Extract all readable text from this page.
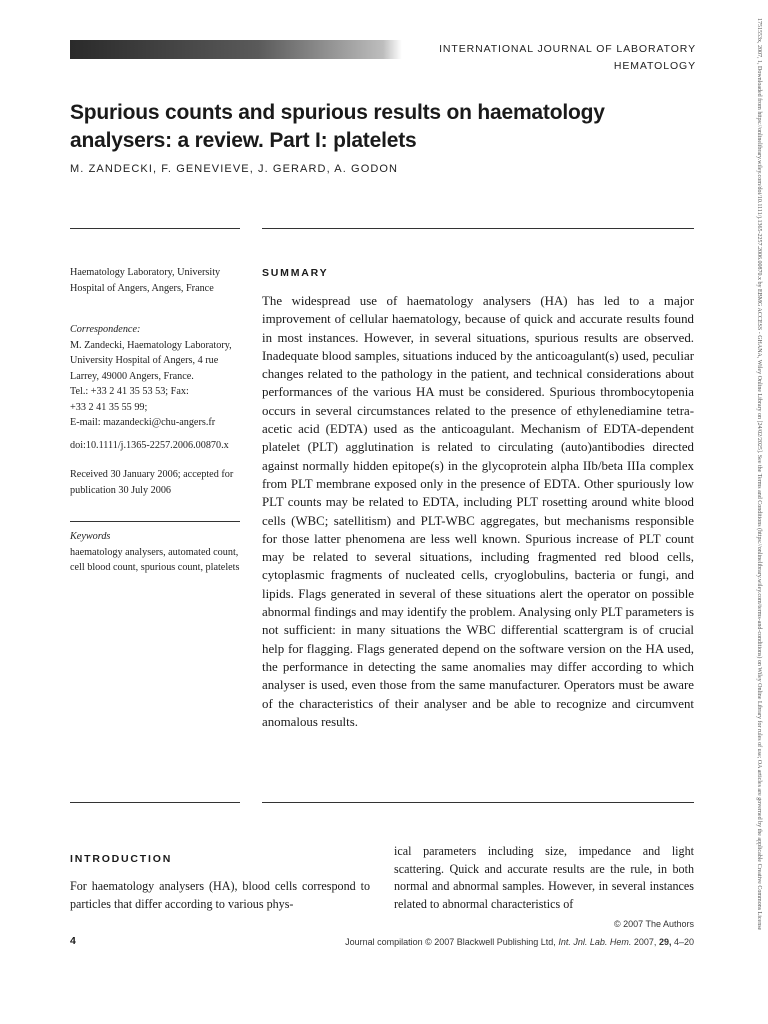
INTERNATIONAL JOURNAL OF LABORATORY HEMATOLOGY
Spurious counts and spurious results on haematology analysers: a review. Part I: platelets
M. ZANDECKI, F. GENEVIEVE, J. GERARD, A. GODON
Haematology Laboratory, University Hospital of Angers, Angers, France
Correspondence:
M. Zandecki, Haematology Laboratory, University Hospital of Angers, 4 rue Larrey, 49000 Angers, France.
Tel.: +33 2 41 35 53 53; Fax:
+33 2 41 35 55 99;
E-mail: mazandecki@chu-angers.fr
doi:10.1111/j.1365-2257.2006.00870.x
Received 30 January 2006; accepted for publication 30 July 2006
Keywords
haematology analysers, automated count, cell blood count, spurious count, platelets
SUMMARY

The widespread use of haematology analysers (HA) has led to a major improvement of cellular haematology, because of quick and accurate results found in most instances. However, in several situations, spurious results are observed. Inadequate blood samples, situations induced by the anticoagulant(s) used, peculiar changes related to the pathology in the patient, and technical considerations about performances of the various HA must be considered. Spurious thrombocytopenia occurs in several circumstances related to the presence of ethylenediamine tetra-acetic acid (EDTA) used as the anticoagulant. Mechanism of EDTA-dependent platelet (PLT) agglutination is related to circulating (auto)antibodies directed against normally hidden epitope(s) in the glycoprotein alpha IIb/beta IIIa complex from PLT membrane exposed only in the presence of EDTA. Other spuriously low PLT counts may be related to EDTA, including PLT rosetting around white blood cells (WBC; satellitism) and PLT-WBC aggregates, but mechanisms responsible for those latter phenomena are less well known. Spurious increase of PLT count may be related to several situations, including fragmented red blood cells, cytoplasmic fragments of nucleated cells, cryoglobulins, bacteria or fungi, and lipids. Flags generated in several of these situations alert the operator on possible abnormal findings and may identify the problem. Analysing only PLT parameters is not sufficient: in many situations the WBC differential scattergram is of crucial help for flagging. Flags generated depend on the software version on the HA used, the performance in detecting the same anomalies may differ according to which analyser is used, even those from the same manufacturer. Operators must be aware of the characteristics of their analyser and be able to recognize and circumvent anomalous results.

INTRODUCTION

For haematology analysers (HA), blood cells correspond to particles that differ according to various phys-

ical parameters including size, impedance and light scattering. Quick and accurate results are the rule, in both normal and abnormal samples. However, in several instances related to abnormal characteristics of

© 2007 The Authors
4	Journal compilation © 2007 Blackwell Publishing Ltd, Int. Jnl. Lab. Hem. 2007, 29, 4–20
1751553x, 2007, 1, Downloaded from https://onlinelibrary.wiley.com/doi/10.1111/j.1365-2257.2006.00870.x by EBMG ACCESS - GHANA, Wiley Online Library on [24/02/2025]. See the Terms and Conditions (https://onlinelibrary.wiley.com/terms-and-conditions) on Wiley Online Library for rules of use; OA articles are governed by the applicable Creative Commons License
